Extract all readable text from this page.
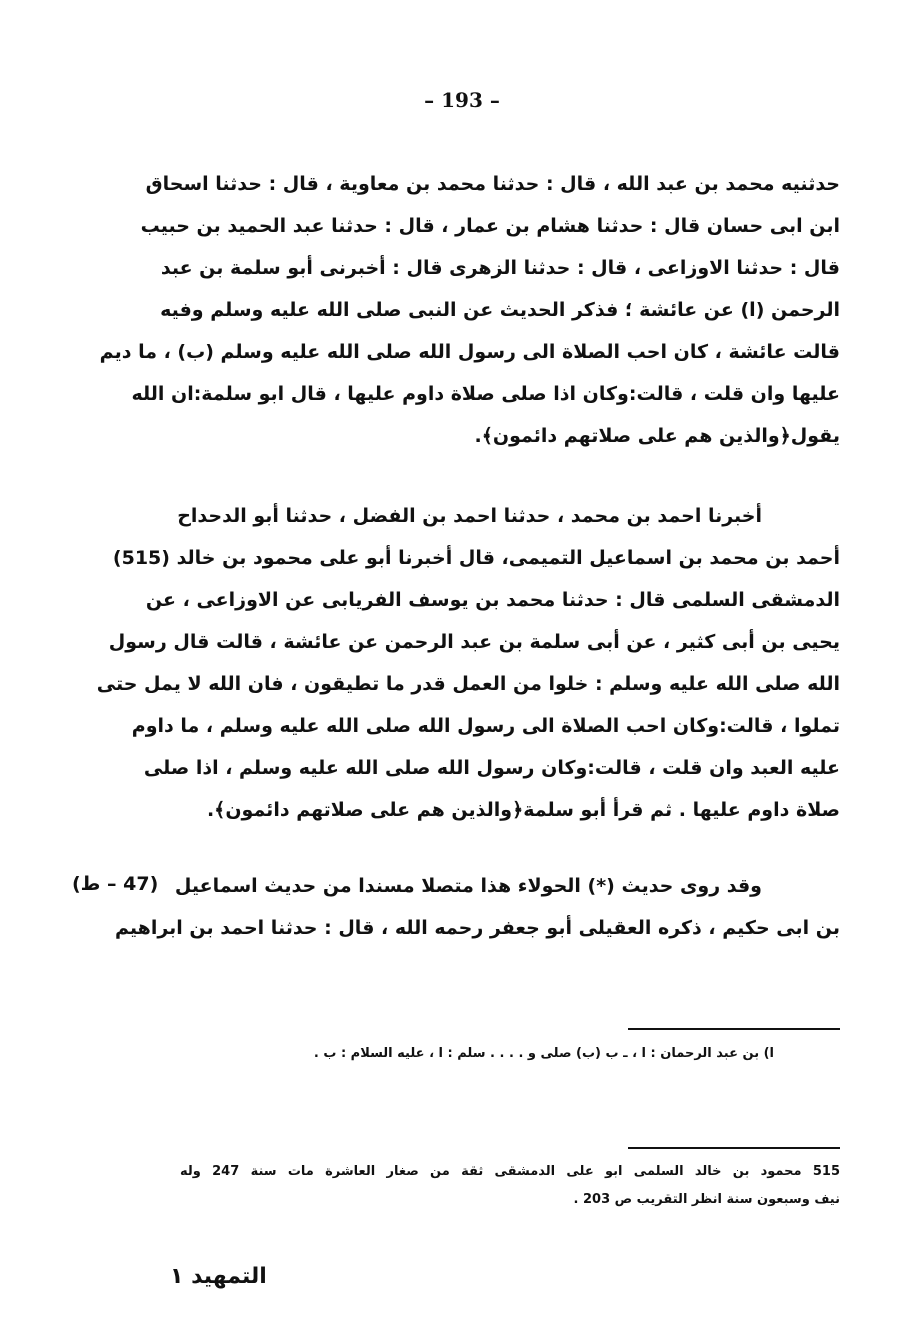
– 193 –
حدثنيه محمد بن عبد الله ، قال : حدثنا محمد بن معاوية ، قال : حدثنا اسحاق
ابن ابى حسان قال : حدثنا هشام بن عمار ، قال : حدثنا عبد الحميد بن حبيب
قال : حدثنا الاوزاعى ، قال : حدثنا الزهرى قال : أخبرنى أبو سلمة بن عبد
الرحمن (ا) عن عائشة ؛ فذكر الحديث عن النبى صلى الله عليه وسلم وفيه
قالت عائشة ، كان احب الصلاة الى رسول الله صلى الله عليه وسلم (ب) ، ما ديم
عليها وان قلت ، قالت:وكان اذا صلى صلاة داوم عليها ، قال ابو سلمة:ان الله
يقول﴿والذين هم على صلاتهم دائمون﴾.
أخبرنا احمد بن محمد ، حدثنا احمد بن الفضل ، حدثنا أبو الدحداح
أحمد بن محمد بن اسماعيل التميمى، قال أخبرنا أبو على محمود بن خالد (515)
الدمشقى السلمى قال : حدثنا محمد بن يوسف الفريابى عن الاوزاعى ، عن
يحيى بن أبى كثير ، عن أبى سلمة بن عبد الرحمن عن عائشة ، قالت قال رسول
الله صلى الله عليه وسلم : خلوا من العمل قدر ما تطيقون ، فان الله لا يمل حتى
تملوا ، قالت:وكان احب الصلاة الى رسول الله صلى الله عليه وسلم ، ما داوم
عليه العبد وان قلت ، قالت:وكان رسول الله صلى الله عليه وسلم ، اذا صلى
صلاة داوم عليها . ثم قرأ أبو سلمة﴿والذين هم على صلاتهم دائمون﴾.
وقد روى حديث (*) الحولاء هذا متصلا مسندا من حديث اسماعيل
بن ابى حكيم ، ذكره العقيلى أبو جعفر رحمه الله ، قال : حدثنا احمد بن ابراهيم
(47 – ط)
ا) بن عبد الرحمان : ا ، ـ ب (ب) صلى و . . . . سلم : ا ، عليه السلام : ب .
515 محمود بن خالد السلمى ابو على الدمشقى ثقة من صغار العاشرة مات سنة 247 وله
نيف وسبعون سنة انظر التقريب ص 203 .
التمهيد ١
